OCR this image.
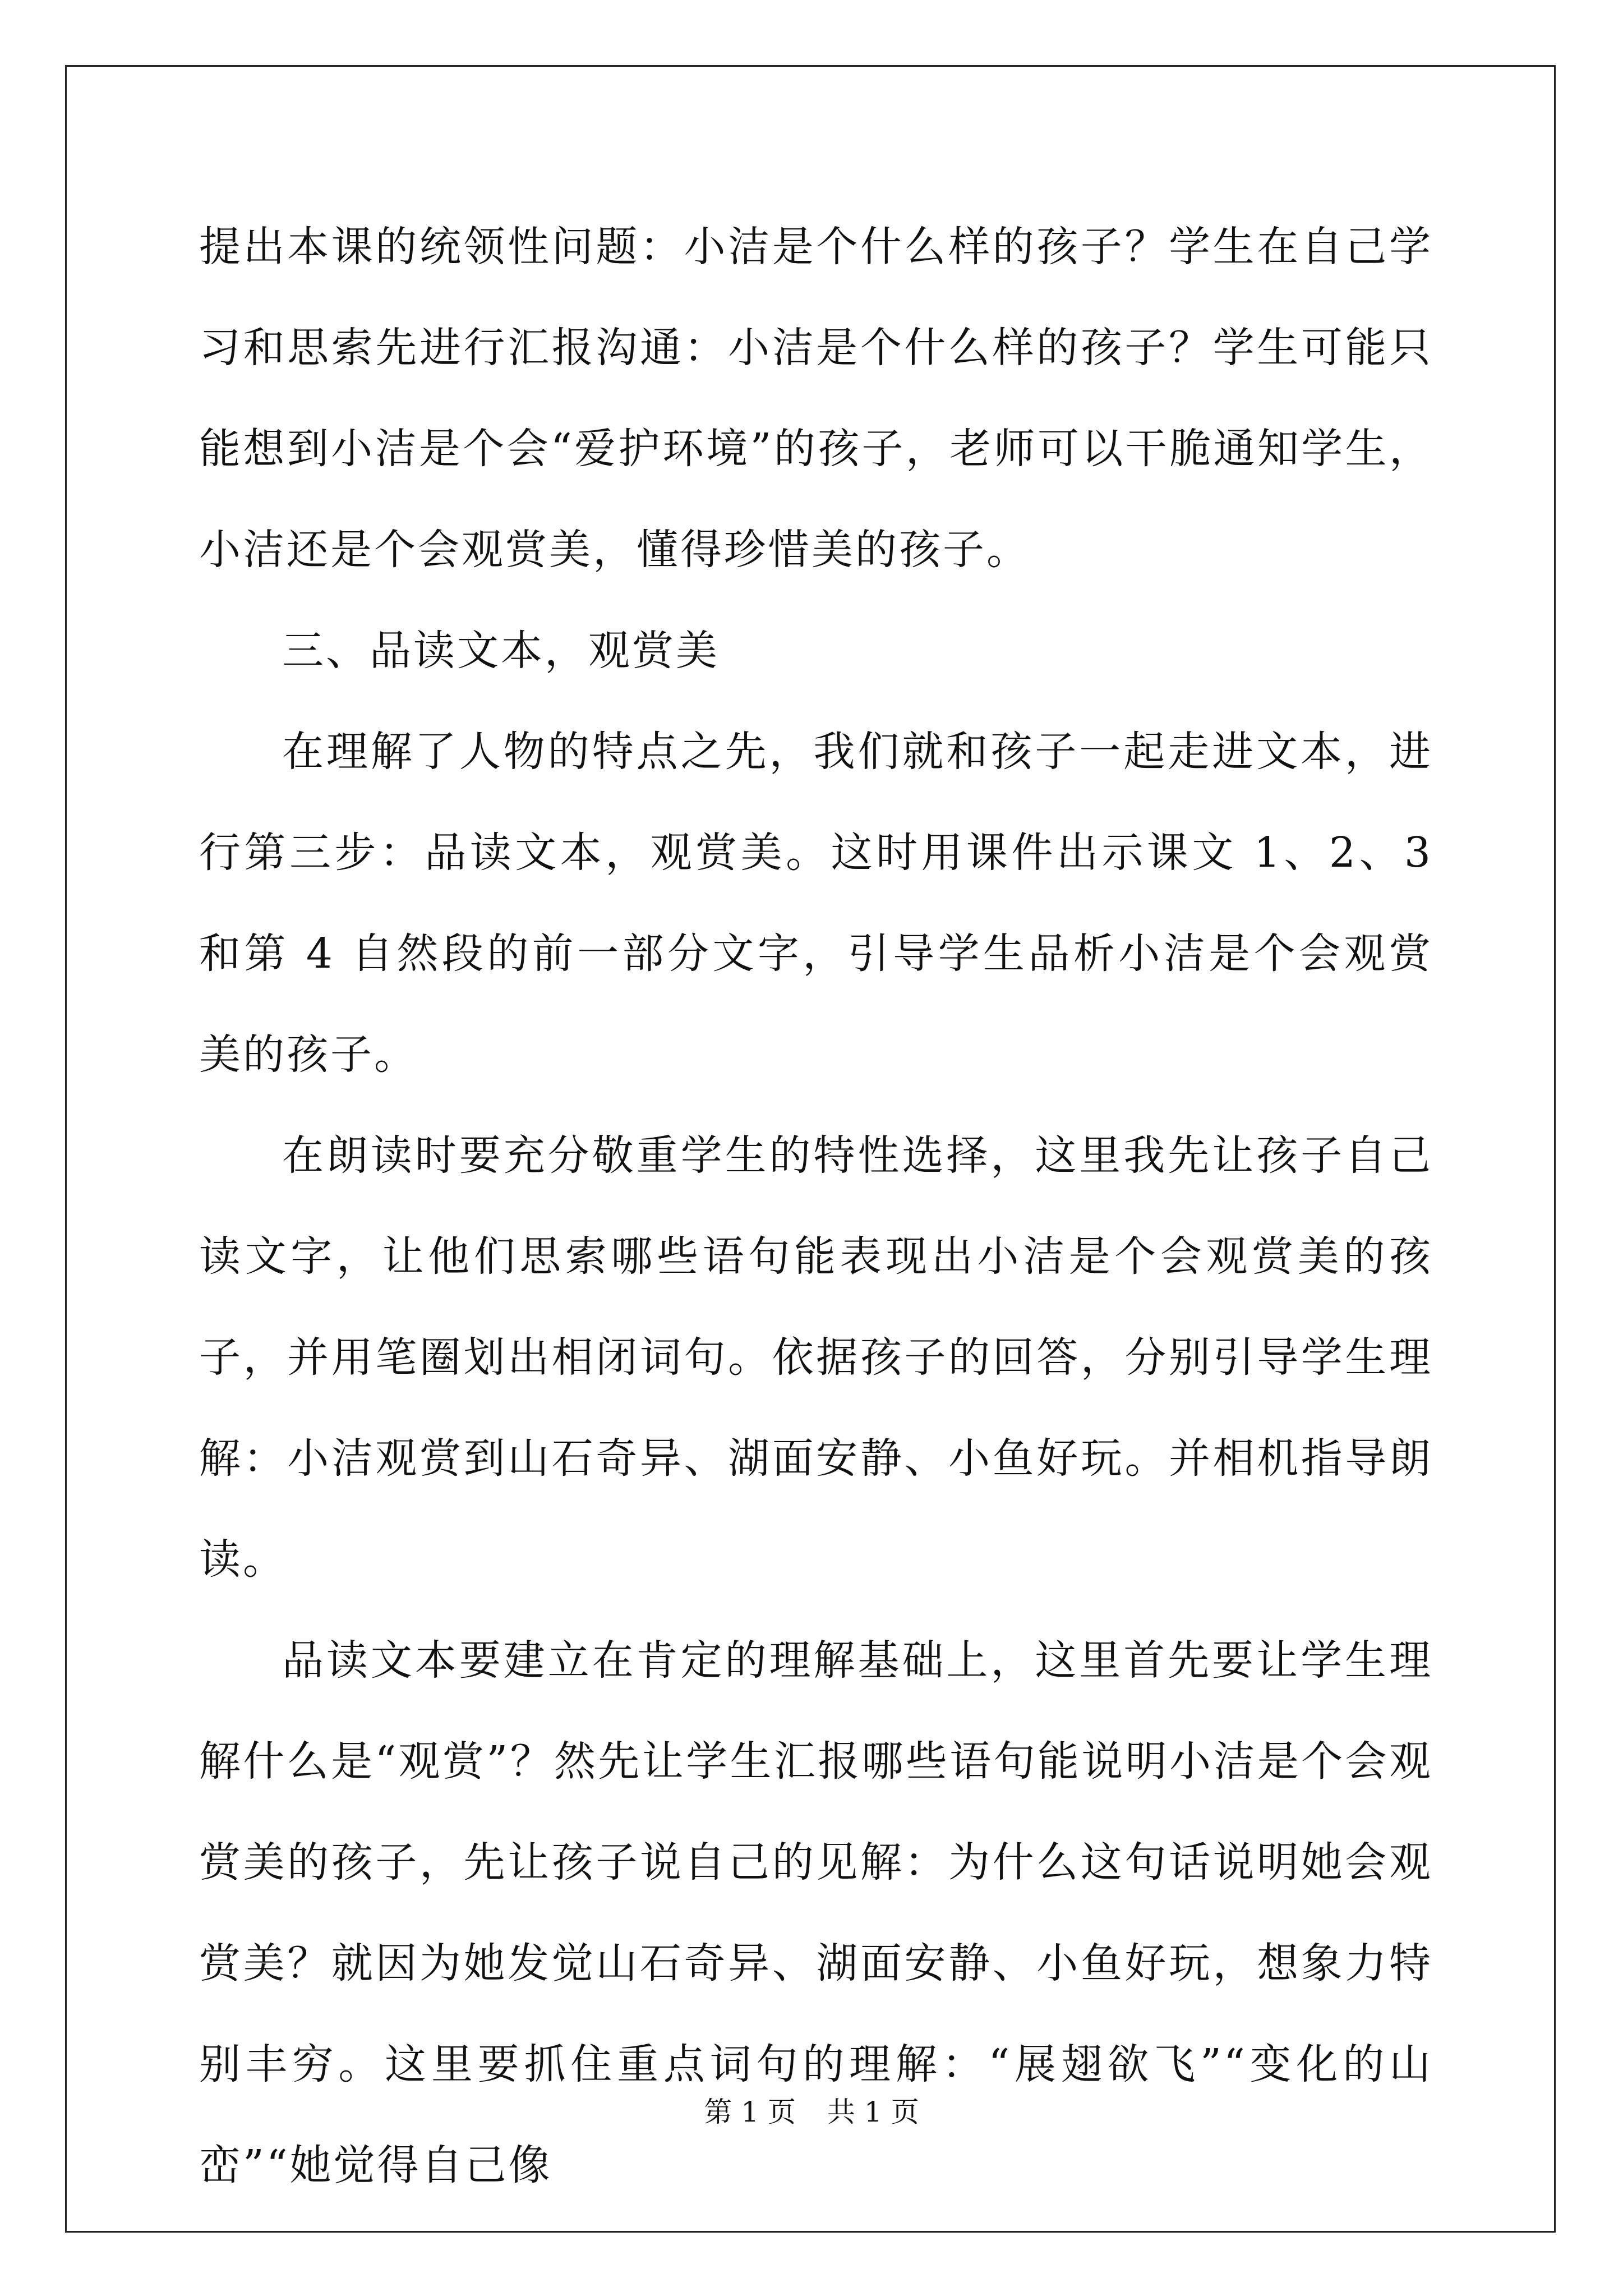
提出本课的统领性问题：小洁是个什么样的孩子？学生在自己学习和思索先进行汇报沟通：小洁是个什么样的孩子？学生可能只能想到小洁是个会“爱护环境”的孩子，老师可以干脆通知学生，小洁还是个会观赏美，懂得珍惜美的孩子。

三、品读文本，观赏美

在理解了人物的特点之先，我们就和孩子一起走进文本，进行第三步：品读文本，观赏美。这时用课件出示课文 1、2、3 和第 4 自然段的前一部分文字，引导学生品析小洁是个会观赏美的孩子。

在朗读时要充分敬重学生的特性选择，这里我先让孩子自己读文字，让他们思索哪些语句能表现出小洁是个会观赏美的孩子，并用笔圈划出相闭词句。依据孩子的回答，分别引导学生理解：小洁观赏到山石奇异、湖面安静、小鱼好玩。并相机指导朗读。

品读文本要建立在肯定的理解基础上，这里首先要让学生理解什么是“观赏”？然先让学生汇报哪些语句能说明小洁是个会观赏美的孩子，先让孩子说自己的见解：为什么这句话说明她会观赏美？就因为她发觉山石奇异、湖面安静、小鱼好玩，想象力特别丰穷。这里要抓住重点词句的理解：“展翅欲飞”“变化的山峦”“她觉得自己像

第 1 页 共 1 页
